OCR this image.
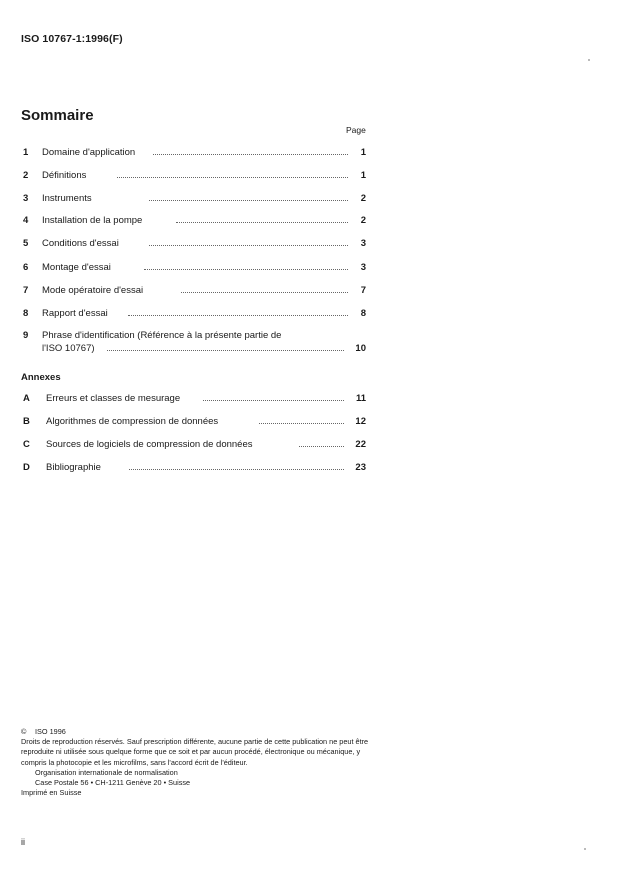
ISO 10767-1:1996(F)
Sommaire
Page
1 Domaine d'application	1
2 Définitions	1
3 Instruments	2
4 Installation de la pompe	2
5 Conditions d'essai	3
6 Montage d'essai	3
7 Mode opératoire d'essai	7
8 Rapport d'essai	8
9 Phrase d'identification (Référence à la présente partie de
l'ISO 10767)	10
A Erreurs et classes de mesurage	11
B Algorithmes de compression de données	12
C Sources de logiciels de compression de données	22
D Bibliographie	23
Annexes
© ISO 1996
Droits de reproduction réservés. Sauf prescription différente, aucune partie de cette publication ne peut être reproduite ni utilisée sous quelque forme que ce soit et par aucun procédé, électronique ou mécanique, y compris la photocopie et les microfilms, sans l'accord écrit de l'éditeur.
Organisation internationale de normalisation
Case Postale 56 • CH-1211 Genève 20 • Suisse
Imprimé en Suisse
ii
